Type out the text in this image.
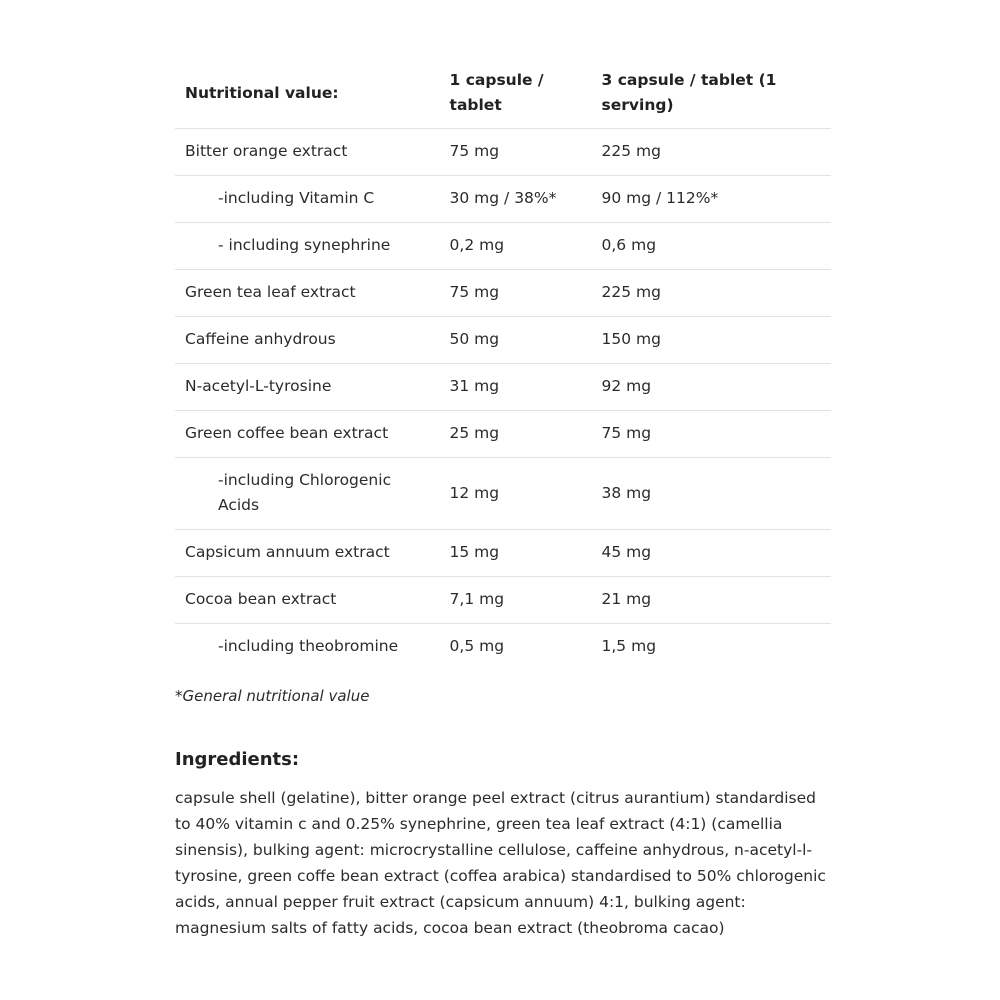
Nutritional value:	1 capsule / tablet	3 capsule / tablet (1 serving)
Bitter orange extract	75 mg	225 mg

-including Vitamin C	30 mg / 38%*	90 mg / 112%*

- including synephrine	0,2 mg	0,6 mg
Green tea leaf extract	75 mg	225 mg
Caffeine anhydrous	50 mg	150 mg
N-acetyl-L-tyrosine	31 mg	92 mg
Green coffee bean extract	25 mg	75 mg

-including Chlorogenic Acids	12 mg	38 mg
Capsicum annuum extract	15 mg	45 mg
Cocoa bean extract	7,1 mg	21 mg

-including theobromine	0,5 mg	1,5 mg
*General nutritional value
Ingredients:
capsule shell (gelatine), bitter orange peel extract (citrus aurantium) standardised to 40% vitamin c and 0.25% synephrine, green tea leaf extract (4:1) (camellia sinensis), bulking agent: microcrystalline cellulose, caffeine anhydrous, n-acetyl-l-tyrosine, green coffe bean extract (coffea arabica) standardised to 50% chlorogenic acids, annual pepper fruit extract (capsicum annuum) 4:1, bulking agent: magnesium salts of fatty acids, cocoa bean extract (theobroma cacao)
